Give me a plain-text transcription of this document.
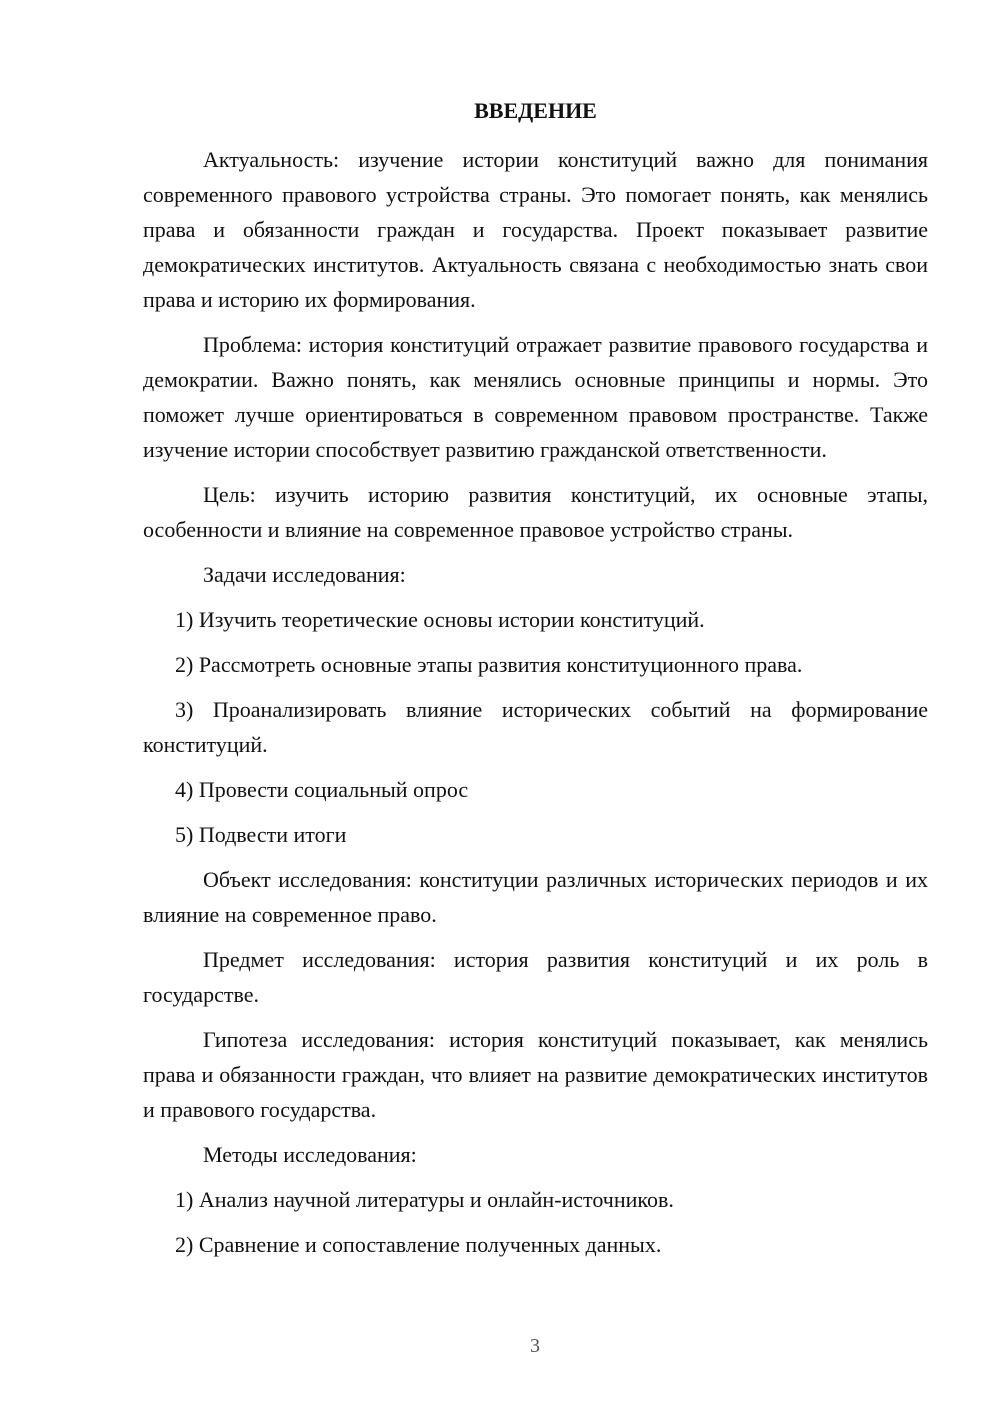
ВВЕДЕНИЕ

Актуальность: изучение истории конституций важно для понимания современного правового устройства страны. Это помогает понять, как менялись права и обязанности граждан и государства. Проект показывает развитие демократических институтов. Актуальность связана с необходимостью знать свои права и историю их формирования.

Проблема: история конституций отражает развитие правового государства и демократии. Важно понять, как менялись основные принципы и нормы. Это поможет лучше ориентироваться в современном правовом пространстве. Также изучение истории способствует развитию гражданской ответственности.

Цель: изучить историю развития конституций, их основные этапы, особенности и влияние на современное правовое устройство страны.

Задачи исследования:

1) Изучить теоретические основы истории конституций.

2) Рассмотреть основные этапы развития конституционного права.

3) Проанализировать влияние исторических событий на формирование конституций.

4) Провести социальный опрос

5) Подвести итоги

Объект исследования: конституции различных исторических периодов и их влияние на современное право.

Предмет исследования: история развития конституций и их роль в государстве.

Гипотеза исследования: история конституций показывает, как менялись права и обязанности граждан, что влияет на развитие демократических институтов и правового государства.

Методы исследования:

1) Анализ научной литературы и онлайн-источников.

2) Сравнение и сопоставление полученных данных.

3
